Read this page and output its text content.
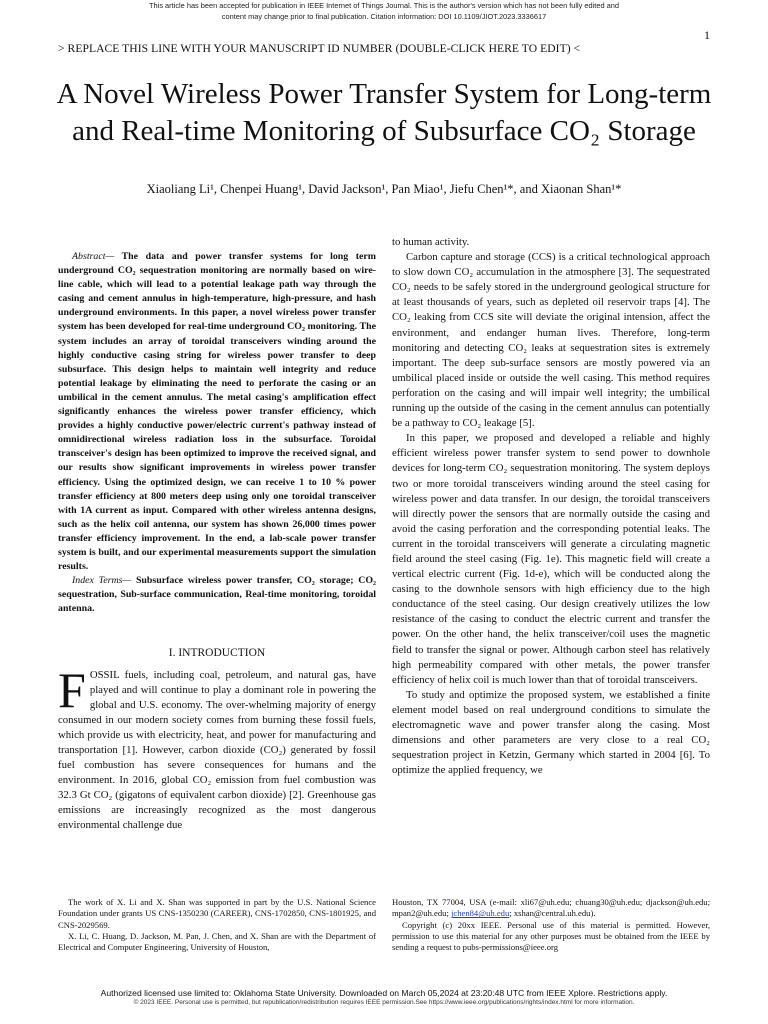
This article has been accepted for publication in IEEE Internet of Things Journal. This is the author's version which has not been fully edited and
content may change prior to final publication. Citation information: DOI 10.1109/JIOT.2023.3336617
1
> REPLACE THIS LINE WITH YOUR MANUSCRIPT ID NUMBER (DOUBLE-CLICK HERE TO EDIT) <
A Novel Wireless Power Transfer System for Long-term and Real-time Monitoring of Subsurface CO₂ Storage
Xiaoliang Li¹, Chenpei Huang¹, David Jackson¹, Pan Miao¹, Jiefu Chen¹*, and Xiaonan Shan¹*

Abstract— The data and power transfer systems for long term underground CO₂ sequestration monitoring are normally based on wire-line cable, which will lead to a potential leakage path way through the casing and cement annulus in high-temperature, high-pressure, and hash underground environments. In this paper, a novel wireless power transfer system has been developed for real-time underground CO₂ monitoring. The system includes an array of toroidal transceivers winding around the highly conductive casing string for wireless power transfer to deep subsurface. This design helps to maintain well integrity and reduce potential leakage by eliminating the need to perforate the casing or an umbilical in the cement annulus. The metal casing's amplification effect significantly enhances the wireless power transfer efficiency, which provides a highly conductive power/electric current's pathway instead of omnidirectional wireless radiation loss in the subsurface. Toroidal transceiver's design has been optimized to improve the received signal, and our results show significant improvements in wireless power transfer efficiency. Using the optimized design, we can receive 1 to 10 % power transfer efficiency at 800 meters deep using only one toroidal transceiver with 1A current as input. Compared with other wireless antenna designs, such as the helix coil antenna, our system has shown 26,000 times power transfer efficiency improvement. In the end, a lab-scale power transfer system is built, and our experimental measurements support the simulation results.

Index Terms— Subsurface wireless power transfer, CO₂ storage; CO₂ sequestration, Sub-surface communication, Real-time monitoring, toroidal antenna.

I. INTRODUCTION
FOSSIL fuels, including coal, petroleum, and natural gas, have played and will continue to play a dominant role in powering the global and U.S. economy. The over-whelming majority of energy consumed in our modern society comes from burning these fossil fuels, which provide us with electricity, heat, and power for manufacturing and transportation [1]. However, carbon dioxide (CO₂) generated by fossil fuel combustion has severe consequences for humans and the environment. In 2016, global CO₂ emission from fuel combustion was 32.3 Gt CO₂ (gigatons of equivalent carbon dioxide) [2]. Greenhouse gas emissions are increasingly recognized as the most dangerous environmental challenge due

to human activity.

Carbon capture and storage (CCS) is a critical technological approach to slow down CO₂ accumulation in the atmosphere [3]. The sequestrated CO₂ needs to be safely stored in the underground geological structure for at least thousands of years, such as depleted oil reservoir traps [4]. The CO₂ leaking from CCS site will deviate the original intension, affect the environment, and endanger human lives. Therefore, long-term monitoring and detecting CO₂ leaks at sequestration sites is extremely important. The deep sub-surface sensors are mostly powered via an umbilical placed inside or outside the well casing. This method requires perforation on the casing and will impair well integrity; the umbilical running up the outside of the casing in the cement annulus can potentially be a pathway to CO₂ leakage [5].

In this paper, we proposed and developed a reliable and highly efficient wireless power transfer system to send power to downhole devices for long-term CO₂ sequestration monitoring. The system deploys two or more toroidal transceivers winding around the steel casing for wireless power and data transfer. In our design, the toroidal transceivers will directly power the sensors that are normally outside the casing and avoid the casing perforation and the corresponding potential leaks. The current in the toroidal transceivers will generate a circulating magnetic field around the steel casing (Fig. 1e). This magnetic field will create a vertical electric current (Fig. 1d-e), which will be conducted along the casing to the downhole sensors with high efficiency due to the high conductance of the steel casing. Our design creatively utilizes the low resistance of the casing to conduct the electric current and transfer the power. On the other hand, the helix transceiver/coil uses the magnetic field to transfer the signal or power. Although carbon steel has relatively high permeability compared with other metals, the power transfer efficiency of helix coil is much lower than that of toroidal transceivers.

To study and optimize the proposed system, we established a finite element model based on real underground conditions to simulate the electromagnetic wave and power transfer along the casing. Most dimensions and other parameters are very close to a real CO₂ sequestration project in Ketzin, Germany which started in 2004 [6]. To optimize the applied frequency, we

The work of X. Li and X. Shan was supported in part by the U.S. National Science Foundation under grants US CNS-1350230 (CAREER), CNS-1702850, CNS-1801925, and CNS-2029569.

X. Li, C. Huang, D. Jackson, M. Pan, J. Chen, and X. Shan are with the Department of Electrical and Computer Engineering, University of Houston,

Houston, TX 77004, USA (e-mail: xli67@uh.edu; chuang30@uh.edu; djackson@uh.edu; mpan2@uh.edu; jchen84@uh.edu; xshan@central.uh.edu).

Copyright (c) 20xx IEEE. Personal use of this material is permitted. However, permission to use this material for any other purposes must be obtained from the IEEE by sending a request to pubs-permissions@ieee.org

Authorized licensed use limited to: Oklahoma State University. Downloaded on March 05,2024 at 23:20:48 UTC from IEEE Xplore. Restrictions apply.
© 2023 IEEE. Personal use is permitted, but republication/redistribution requires IEEE permission.See https://www.ieee.org/publications/rights/index.html for more information.
